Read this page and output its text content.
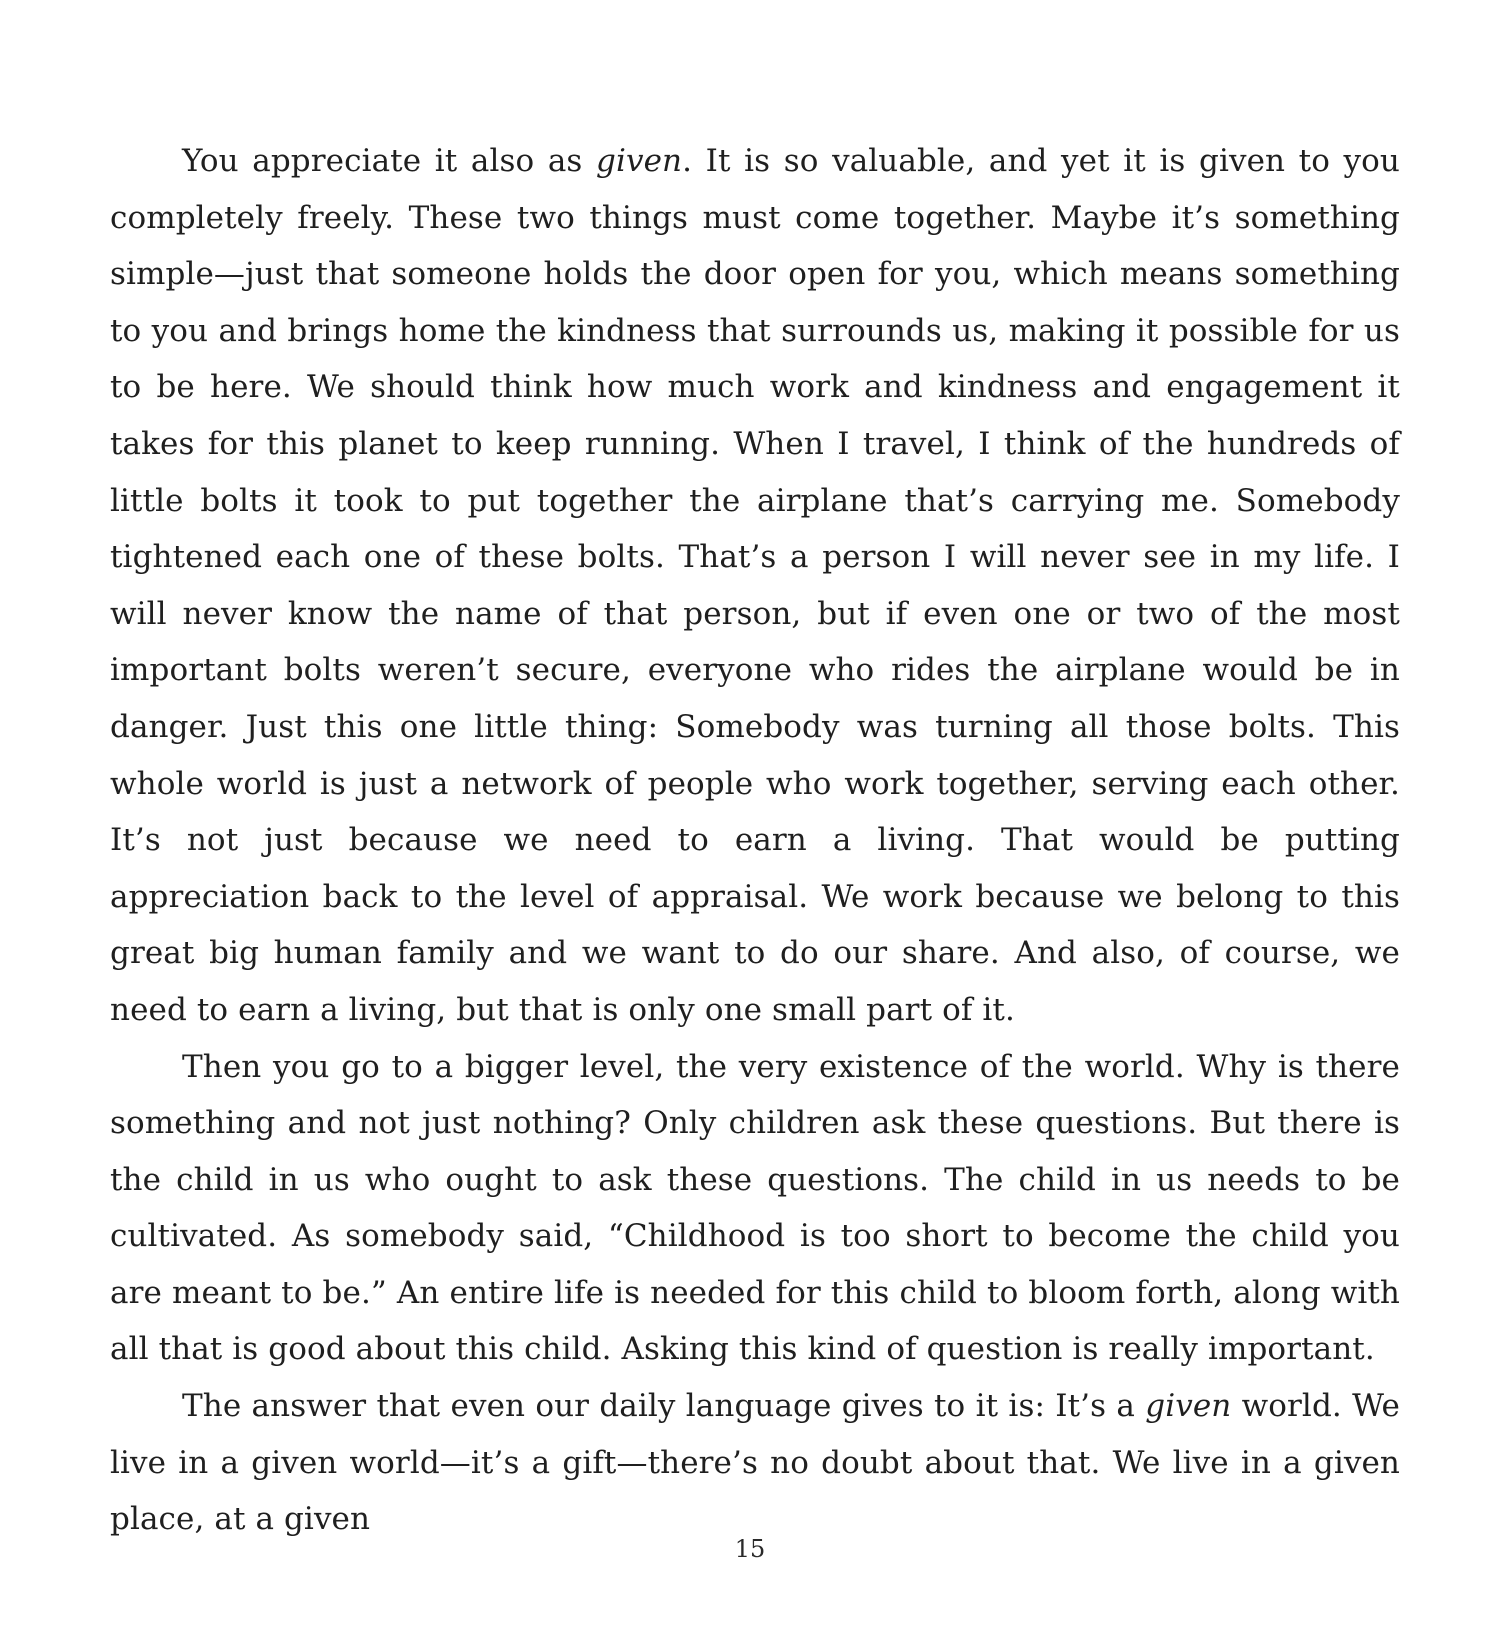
You appreciate it also as given. It is so valuable, and yet it is given to you completely freely. These two things must come together. Maybe it’s something simple—just that someone holds the door open for you, which means something to you and brings home the kindness that surrounds us, making it possible for us to be here. We should think how much work and kindness and engagement it takes for this planet to keep running. When I travel, I think of the hundreds of little bolts it took to put together the airplane that’s carrying me. Somebody tightened each one of these bolts. That’s a person I will never see in my life. I will never know the name of that person, but if even one or two of the most important bolts weren’t secure, everyone who rides the airplane would be in danger. Just this one little thing: Somebody was turning all those bolts. This whole world is just a network of people who work together, serving each other. It’s not just because we need to earn a living. That would be putting appreciation back to the level of appraisal. We work because we belong to this great big human family and we want to do our share. And also, of course, we need to earn a living, but that is only one small part of it.

Then you go to a bigger level, the very existence of the world. Why is there something and not just nothing? Only children ask these questions. But there is the child in us who ought to ask these questions. The child in us needs to be cultivated. As somebody said, “Childhood is too short to become the child you are meant to be.” An entire life is needed for this child to bloom forth, along with all that is good about this child. Asking this kind of question is really important.

The answer that even our daily language gives to it is: It’s a given world. We live in a given world—it’s a gift—there’s no doubt about that. We live in a given place, at a given

15
